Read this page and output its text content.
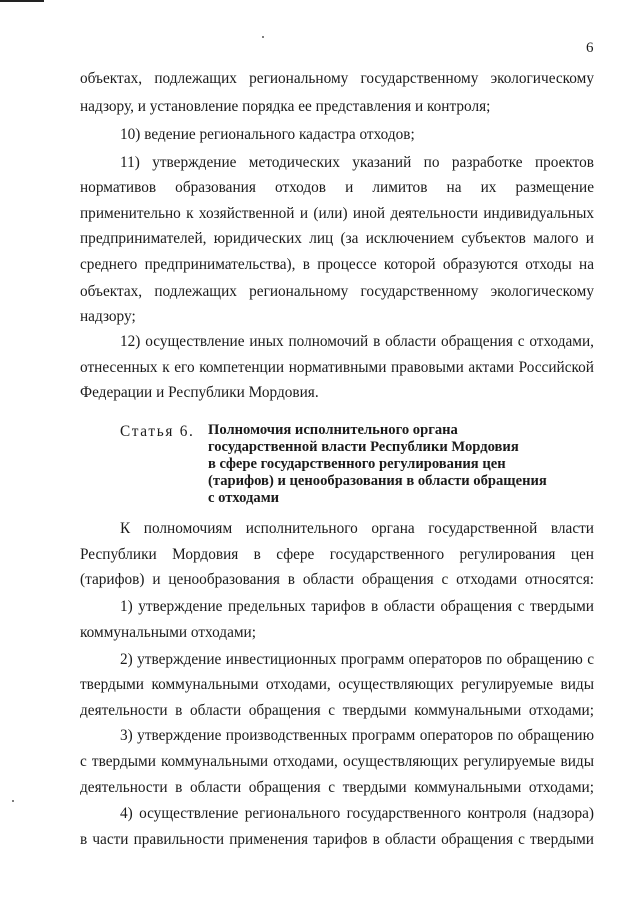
6
объектах, подлежащих региональному государственному экологическому
надзору, и установление порядка ее представления и контроля;
10) ведение регионального кадастра отходов;
11) утверждение методических указаний по разработке проектов
нормативов образования отходов и лимитов на их размещение
применительно к хозяйственной и (или) иной деятельности индивидуальных
предпринимателей, юридических лиц (за исключением субъектов малого и
среднего предпринимательства), в процессе которой образуются отходы на
объектах, подлежащих региональному государственному экологическому
надзору;
12) осуществление иных полномочий в области обращения с отходами,
отнесенных к его компетенции нормативными правовыми актами Российской
Федерации и Республики Мордовия.
Статья 6. Полномочия исполнительного органа
государственной власти Республики Мордовия
в сфере государственного регулирования цен
(тарифов) и ценообразования в области обращения
с отходами
К полномочиям исполнительного органа государственной власти
Республики Мордовия в сфере государственного регулирования цен
(тарифов) и ценообразования в области обращения с отходами относятся:
1) утверждение предельных тарифов в области обращения с твердыми
коммунальными отходами;
2) утверждение инвестиционных программ операторов по обращению с
твердыми коммунальными отходами, осуществляющих регулируемые виды
деятельности в области обращения с твердыми коммунальными отходами;
3) утверждение производственных программ операторов по обращению
с твердыми коммунальными отходами, осуществляющих регулируемые виды
деятельности в области обращения с твердыми коммунальными отходами;
4) осуществление регионального государственного контроля (надзора)
в части правильности применения тарифов в области обращения с твердыми
